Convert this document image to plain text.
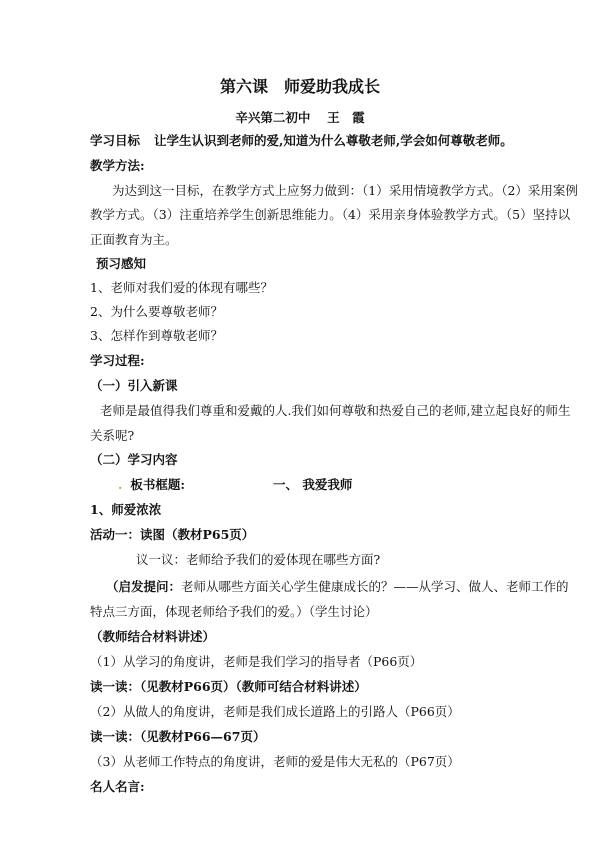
第六课　师爱助我成长
辛兴第二初中　 王　霞
学习目标 让学生认识到老师的爱,知道为什么尊敬老师,学会如何尊敬老师。
教学方法:
为达到这一目标，在教学方式上应努力做到：（1）采用情境教学方式。（2）采用案例
教学方式。（3）注重培养学生创新思维能力。（4）采用亲身体验教学方式。（5）坚持以
正面教育为主。
预习感知
1、老师对我们爱的体现有哪些？
2、为什么要尊敬老师？
3、怎样作到尊敬老师？
学习过程:
（一）引入新课
老师是最值得我们尊重和爱戴的人.我们如何尊敬和热爱自己的老师,建立起良好的师生
关系呢?
（二）学习内容
. 板书框题:	一、 我爱我师
1、师爱浓浓
活动一：读图（教材P65页）
议一议：老师给予我们的爱体现在哪些方面?
（启发提问：老师从哪些方面关心学生健康成长的？——从学习、做人、老师工作的
特点三方面，体现老师给予我们的爱。）（学生讨论）
（教师结合材料讲述）
（1）从学习的角度讲，老师是我们学习的指导者（P66页）
读一读：（见教材P66页）（教师可结合材料讲述）
（2）从做人的角度讲，老师是我们成长道路上的引路人（P66页）
读一读：（见教材P66—67页）
（3）从老师工作特点的角度讲，老师的爱是伟大无私的（P67页）
名人名言:
